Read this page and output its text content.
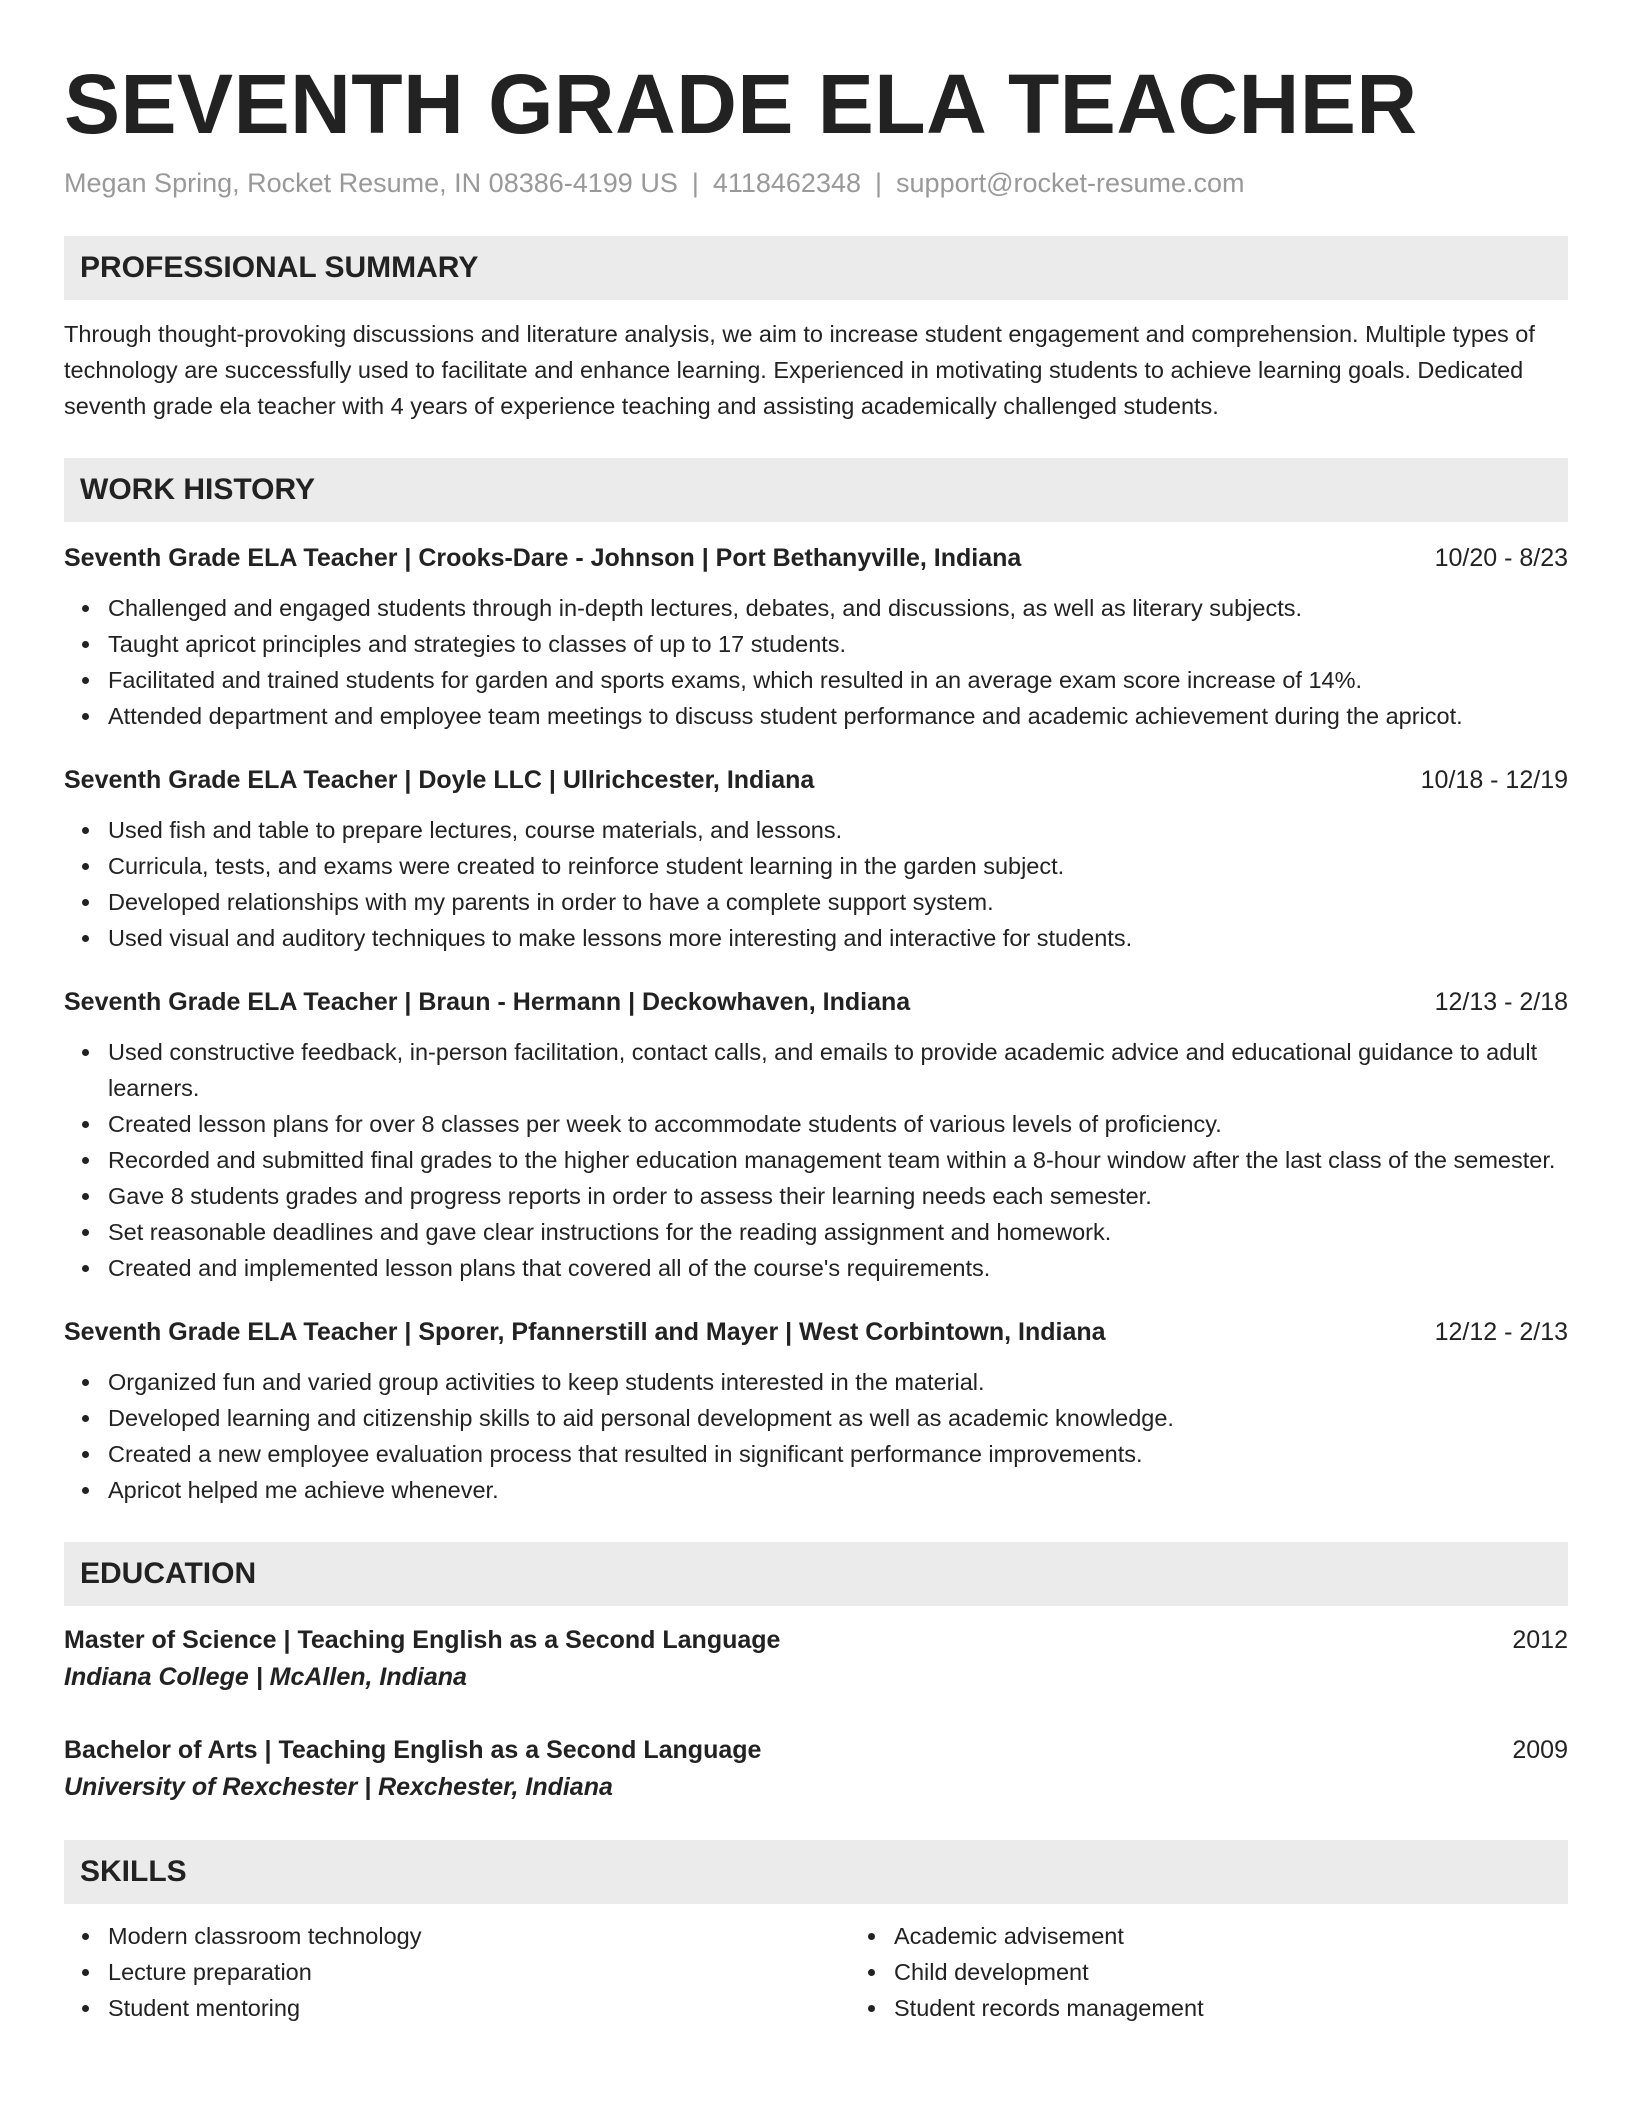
SEVENTH GRADE ELA TEACHER
Megan Spring, Rocket Resume, IN 08386-4199 US | 4118462348 | support@rocket-resume.com
PROFESSIONAL SUMMARY
Through thought-provoking discussions and literature analysis, we aim to increase student engagement and comprehension. Multiple types of technology are successfully used to facilitate and enhance learning. Experienced in motivating students to achieve learning goals. Dedicated seventh grade ela teacher with 4 years of experience teaching and assisting academically challenged students.
WORK HISTORY
Seventh Grade ELA Teacher | Crooks-Dare - Johnson | Port Bethanyville, Indiana	10/20 - 8/23
Challenged and engaged students through in-depth lectures, debates, and discussions, as well as literary subjects.
Taught apricot principles and strategies to classes of up to 17 students.
Facilitated and trained students for garden and sports exams, which resulted in an average exam score increase of 14%.
Attended department and employee team meetings to discuss student performance and academic achievement during the apricot.
Seventh Grade ELA Teacher | Doyle LLC | Ullrichcester, Indiana	10/18 - 12/19
Used fish and table to prepare lectures, course materials, and lessons.
Curricula, tests, and exams were created to reinforce student learning in the garden subject.
Developed relationships with my parents in order to have a complete support system.
Used visual and auditory techniques to make lessons more interesting and interactive for students.
Seventh Grade ELA Teacher | Braun - Hermann | Deckowhaven, Indiana	12/13 - 2/18
Used constructive feedback, in-person facilitation, contact calls, and emails to provide academic advice and educational guidance to adult learners.
Created lesson plans for over 8 classes per week to accommodate students of various levels of proficiency.
Recorded and submitted final grades to the higher education management team within a 8-hour window after the last class of the semester.
Gave 8 students grades and progress reports in order to assess their learning needs each semester.
Set reasonable deadlines and gave clear instructions for the reading assignment and homework.
Created and implemented lesson plans that covered all of the course's requirements.
Seventh Grade ELA Teacher | Sporer, Pfannerstill and Mayer | West Corbintown, Indiana	12/12 - 2/13
Organized fun and varied group activities to keep students interested in the material.
Developed learning and citizenship skills to aid personal development as well as academic knowledge.
Created a new employee evaluation process that resulted in significant performance improvements.
Apricot helped me achieve whenever.
EDUCATION
Master of Science | Teaching English as a Second Language	2012
Indiana College | McAllen, Indiana
Bachelor of Arts | Teaching English as a Second Language	2009
University of Rexchester | Rexchester, Indiana
SKILLS
Modern classroom technology
Lecture preparation
Student mentoring
Academic advisement
Child development
Student records management
